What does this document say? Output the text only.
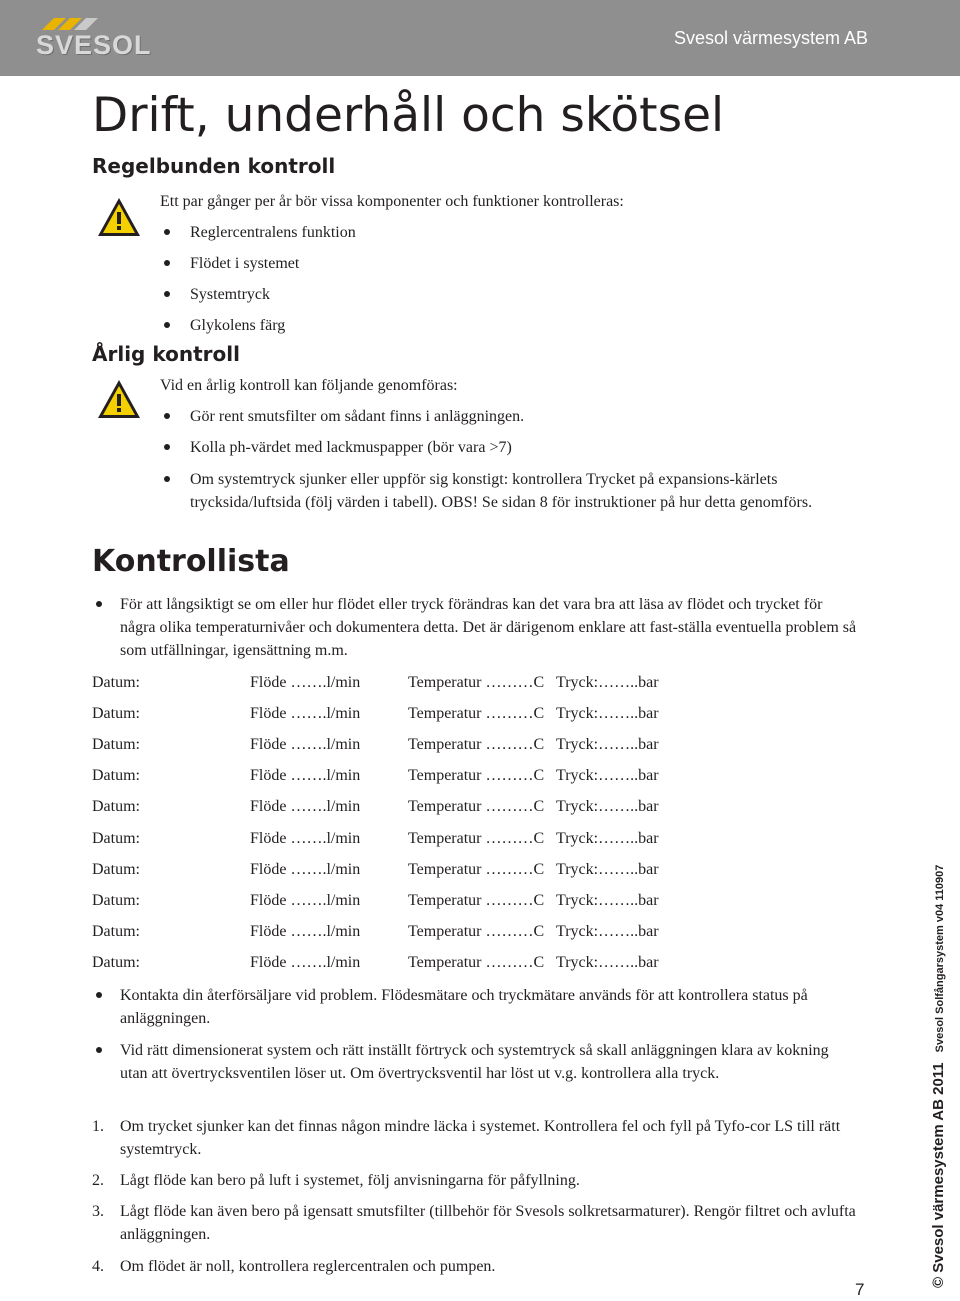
SVESOL	Svesol värmesystem AB
Drift, underhåll och skötsel
Regelbunden kontroll
Ett par gånger per år bör vissa komponenter och funktioner kontrolleras:
Reglercentralens funktion
Flödet i systemet
Systemtryck
Glykolens färg
Årlig kontroll
Vid en årlig kontroll kan följande genomföras:
Gör rent smutsfilter om sådant finns i anläggningen.
Kolla ph-värdet med lackmuspapper (bör vara >7)
Om systemtryck sjunker eller uppför sig konstigt: kontrollera Trycket på expansions-kärlets trycksida/luftsida (följ värden i tabell). OBS! Se sidan 8 för instruktioner på hur detta genomförs.
Kontrollista
För att långsiktigt se om eller hur flödet eller tryck förändras kan det vara bra att läsa av flödet och trycket för några olika temperaturnivåer och dokumentera detta. Det är därigenom enklare att fast-ställa eventuella problem så som utfällningar, igensättning m.m.
Datum:	Flöde …….l/min	Temperatur ………C Tryck:……..bar
Datum:	Flöde …….l/min	Temperatur ………C Tryck:……..bar
Datum:	Flöde …….l/min	Temperatur ………C Tryck:……..bar
Datum:	Flöde …….l/min	Temperatur ………C Tryck:……..bar
Datum:	Flöde …….l/min	Temperatur ………C Tryck:……..bar
Datum:	Flöde …….l/min	Temperatur ………C Tryck:……..bar
Datum:	Flöde …….l/min	Temperatur ………C Tryck:……..bar
Datum:	Flöde …….l/min	Temperatur ………C Tryck:……..bar
Datum:	Flöde …….l/min	Temperatur ………C Tryck:……..bar
Datum:	Flöde …….l/min	Temperatur ………C Tryck:……..bar
Kontakta din återförsäljare vid problem. Flödesmätare och tryckmätare används för att kontrollera status på anläggningen.
Vid rätt dimensionerat system och rätt inställt förtryck och systemtryck så skall anläggningen klara av kokning utan att övertrycksventilen löser ut. Om övertrycksventil har löst ut v.g. kontrollera alla tryck.
1. Om trycket sjunker kan det finnas någon mindre läcka i systemet. Kontrollera fel och fyll på Tyfo-cor LS till rätt systemtryck.
2. Lågt flöde kan bero på luft i systemet, följ anvisningarna för påfyllning.
3. Lågt flöde kan även bero på igensatt smutsfilter (tillbehör för Svesols solkretsarmaturer). Rengör filtret och avlufta anläggningen.
4. Om flödet är noll, kontrollera reglercentralen och pumpen.	© Svesol värmesystem AB 2011Svesol Solfångarsystem v04 110907
7
